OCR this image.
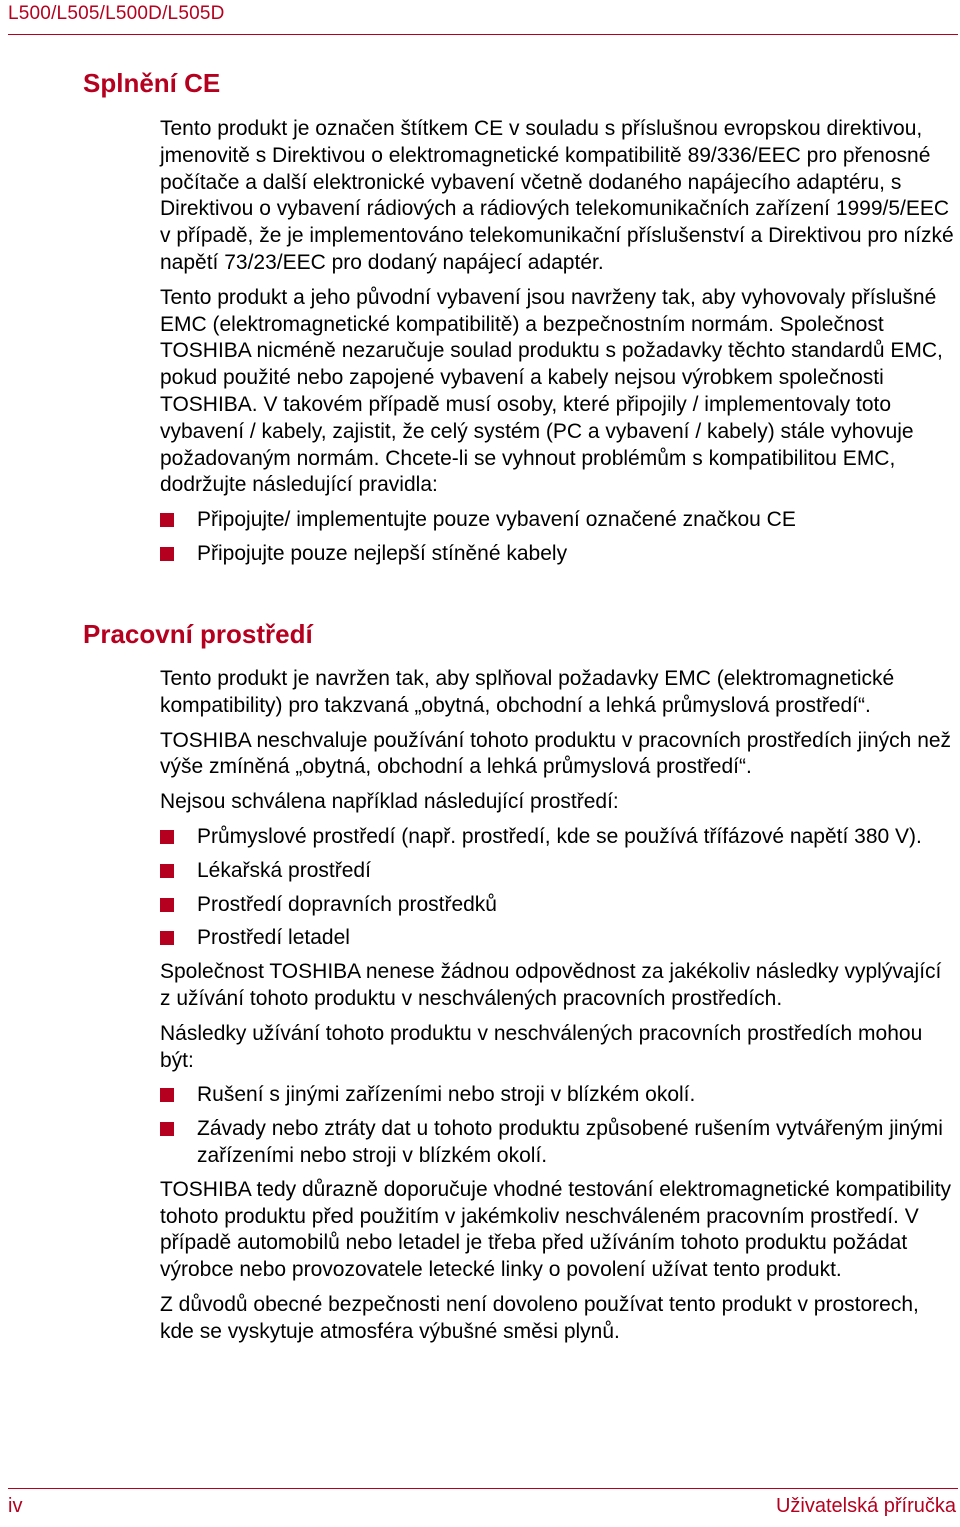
L500/L505/L500D/L505D
Splnění CE

Tento produkt je označen štítkem CE v souladu s příslušnou evropskou direktivou, jmenovitě s Direktivou o elektromagnetické kompatibilitě 89/336/EEC pro přenosné počítače a další elektronické vybavení včetně dodaného napájecího adaptéru, s Direktivou o vybavení rádiových a rádiových telekomunikačních zařízení 1999/5/EEC v případě, že je implementováno telekomunikační příslušenství a Direktivou pro nízké napětí 73/23/EEC pro dodaný napájecí adaptér.

Tento produkt a jeho původní vybavení jsou navrženy tak, aby vyhovovaly příslušné EMC (elektromagnetické kompatibilitě) a bezpečnostním normám. Společnost TOSHIBA nicméně nezaručuje soulad produktu s požadavky těchto standardů EMC, pokud použité nebo zapojené vybavení a kabely nejsou výrobkem společnosti TOSHIBA. V takovém případě musí osoby, které připojily / implementovaly toto vybavení / kabely, zajistit, že celý systém (PC a vybavení / kabely) stále vyhovuje požadovaným normám. Chcete-li se vyhnout problémům s kompatibilitou EMC, dodržujte následující pravidla:

Připojujte/ implementujte pouze vybavení označené značkou CE
Připojujte pouze nejlepší stíněné kabely
Pracovní prostředí

Tento produkt je navržen tak, aby splňoval požadavky EMC (elektromagnetické kompatibility) pro takzvaná „obytná, obchodní a lehká průmyslová prostředí“.

TOSHIBA neschvaluje používání tohoto produktu v pracovních prostředích jiných než výše zmíněná „obytná, obchodní a lehká průmyslová prostředí“.

Nejsou schválena například následující prostředí:

Průmyslové prostředí (např. prostředí, kde se používá třífázové napětí 380 V).
Lékařská prostředí
Prostředí dopravních prostředků
Prostředí letadel

Společnost TOSHIBA nenese žádnou odpovědnost za jakékoliv následky vyplývající z užívání tohoto produktu v neschválených pracovních prostředích.

Následky užívání tohoto produktu v neschválených pracovních prostředích mohou být:

Rušení s jinými zařízeními nebo stroji v blízkém okolí.
Závady nebo ztráty dat u tohoto produktu způsobené rušením vytvářeným jinými zařízeními nebo stroji v blízkém okolí.

TOSHIBA tedy důrazně doporučuje vhodné testování elektromagnetické kompatibility tohoto produktu před použitím v jakémkoliv neschváleném pracovním prostředí. V případě automobilů nebo letadel je třeba před užíváním tohoto produktu požádat výrobce nebo provozovatele letecké linky o povolení užívat tento produkt.

Z důvodů obecné bezpečnosti není dovoleno používat tento produkt v prostorech, kde se vyskytuje atmosféra výbušné směsi plynů.

iv	Uživatelská příručka
